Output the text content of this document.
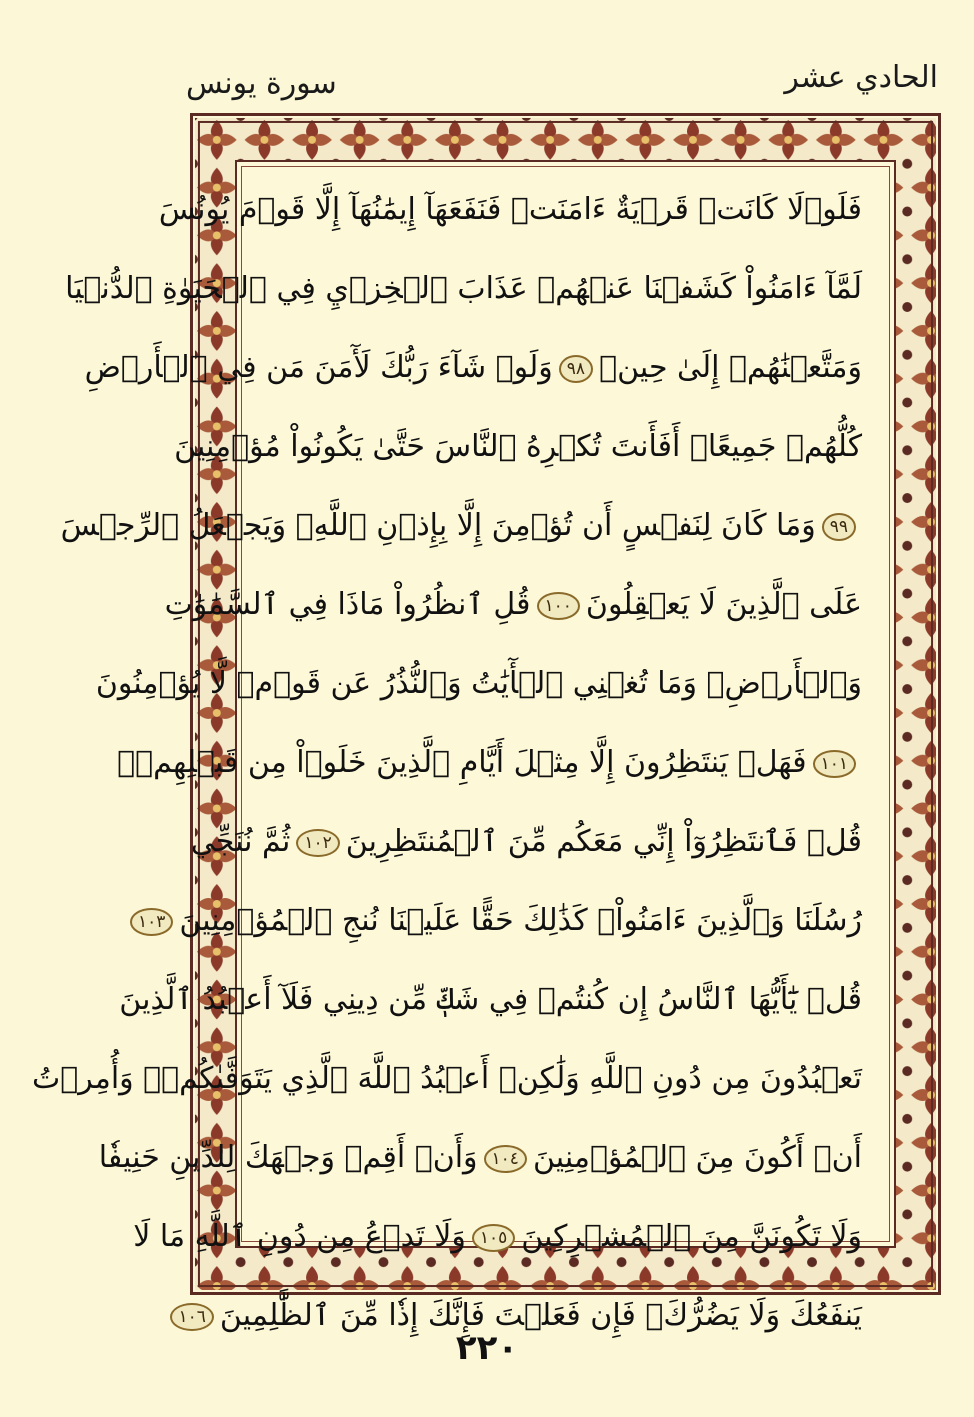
الحادي عشر
سورة يونس
فَلَوۡلَا كَانَتۡ قَرۡيَةٌ ءَامَنَتۡ فَنَفَعَهَآ إِيمَٰنُهَآ إِلَّا قَوۡمَ يُونُسَ
لَمَّآ ءَامَنُواْ كَشَفۡنَا عَنۡهُمۡ عَذَابَ ٱلۡخِزۡيِ فِي ٱلۡحَيَوٰةِ ٱلدُّنۡيَا
وَمَتَّعۡنَٰهُمۡ إِلَىٰ حِينٖ٩٨وَلَوۡ شَآءَ رَبُّكَ لَأٓمَنَ مَن فِي ٱلۡأَرۡضِ
كُلُّهُمۡ جَمِيعًاۚ أَفَأَنتَ تُكۡرِهُ ٱلنَّاسَ حَتَّىٰ يَكُونُواْ مُؤۡمِنِينَ
٩٩وَمَا كَانَ لِنَفۡسٍ أَن تُؤۡمِنَ إِلَّا بِإِذۡنِ ٱللَّهِۚ وَيَجۡعَلُ ٱلرِّجۡسَ
عَلَى ٱلَّذِينَ لَا يَعۡقِلُونَ١٠٠قُلِ ٱنظُرُواْ مَاذَا فِي ٱلسَّمَٰوَٰتِ
وَٱلۡأَرۡضِۚ وَمَا تُغۡنِي ٱلۡأٓيَٰتُ وَٱلنُّذُرُ عَن قَوۡمٖ لَّا يُؤۡمِنُونَ
١٠١فَهَلۡ يَنتَظِرُونَ إِلَّا مِثۡلَ أَيَّامِ ٱلَّذِينَ خَلَوۡاْ مِن قَبۡلِهِمۡۚ
قُلۡ فَٱنتَظِرُوٓاْ إِنِّي مَعَكُم مِّنَ ٱلۡمُنتَظِرِينَ١٠٢ثُمَّ نُنَجِّي
رُسُلَنَا وَٱلَّذِينَ ءَامَنُواْۚ كَذَٰلِكَ حَقًّا عَلَيۡنَا نُنجِ ٱلۡمُؤۡمِنِينَ١٠٣
قُلۡ يَٰٓأَيُّهَا ٱلنَّاسُ إِن كُنتُمۡ فِي شَكّٖ مِّن دِينِي فَلَآ أَعۡبُدُ ٱلَّذِينَ
تَعۡبُدُونَ مِن دُونِ ٱللَّهِ وَلَٰكِنۡ أَعۡبُدُ ٱللَّهَ ٱلَّذِي يَتَوَفَّىٰكُمۡۖ وَأُمِرۡتُ
أَنۡ أَكُونَ مِنَ ٱلۡمُؤۡمِنِينَ١٠٤وَأَنۡ أَقِمۡ وَجۡهَكَ لِلدِّينِ حَنِيفٗا
وَلَا تَكُونَنَّ مِنَ ٱلۡمُشۡرِكِينَ١٠٥وَلَا تَدۡعُ مِن دُونِ ٱللَّهِ مَا لَا
يَنفَعُكَ وَلَا يَضُرُّكَۖ فَإِن فَعَلۡتَ فَإِنَّكَ إِذٗا مِّنَ ٱلظَّٰلِمِينَ١٠٦
٢٢٠
